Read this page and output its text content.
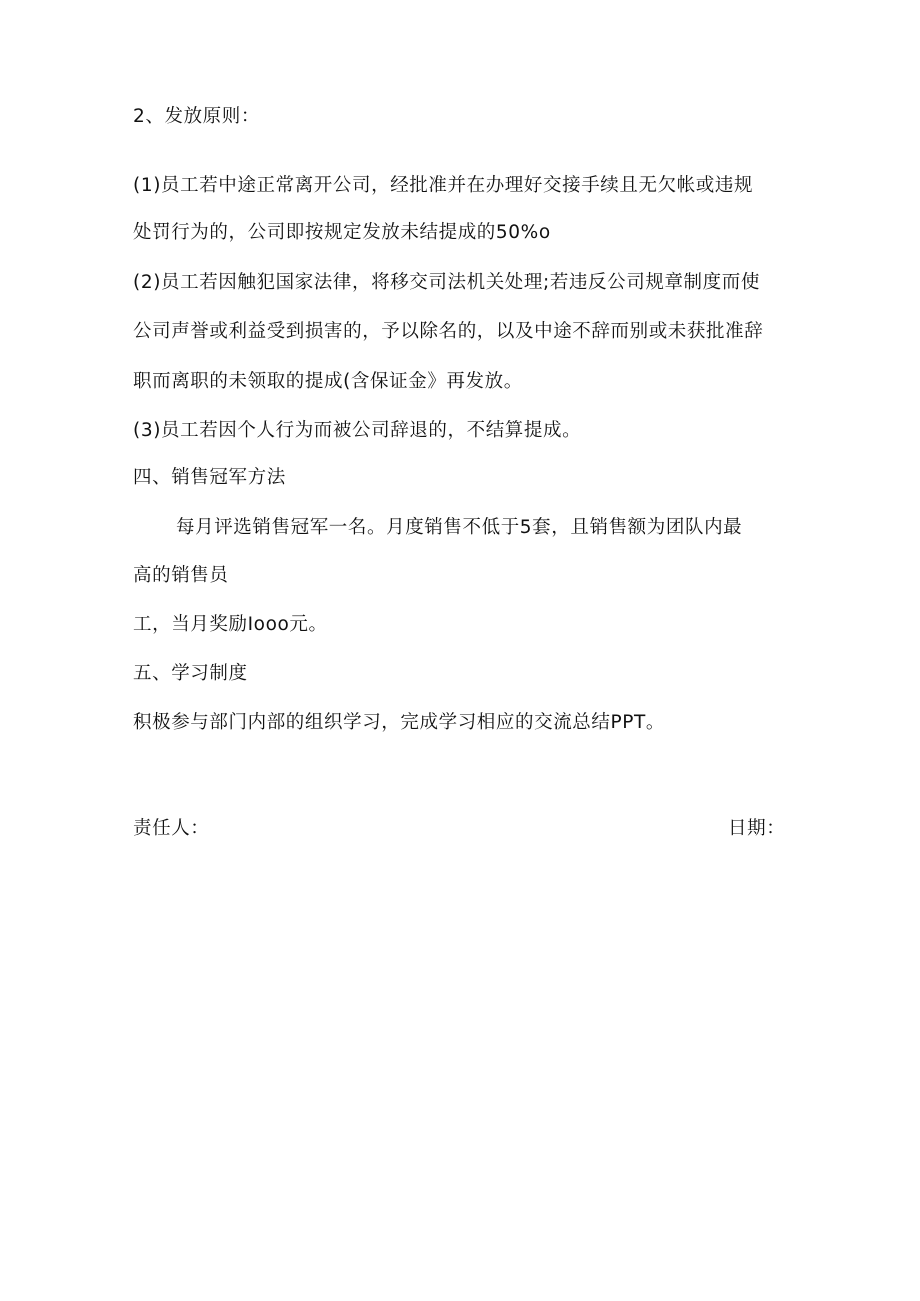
2、发放原则：
(1)员工若中途正常离开公司，经批准并在办理好交接手续且无欠帐或违规
处罚行为的，公司即按规定发放未结提成的50%o
(2)员工若因触犯国家法律，将移交司法机关处理;若违反公司规章制度而使
公司声誉或利益受到损害的，予以除名的，以及中途不辞而别或未获批准辞
职而离职的未领取的提成(含保证金》再发放。
(3)员工若因个人行为而被公司辞退的，不结算提成。
四、销售冠军方法
每月评选销售冠军一名。月度销售不低于5套，且销售额为团队内最
高的销售员
工，当月奖励Iooo元。
五、学习制度
积极参与部门内部的组织学习，完成学习相应的交流总结PPT。
责任人：	日期：
